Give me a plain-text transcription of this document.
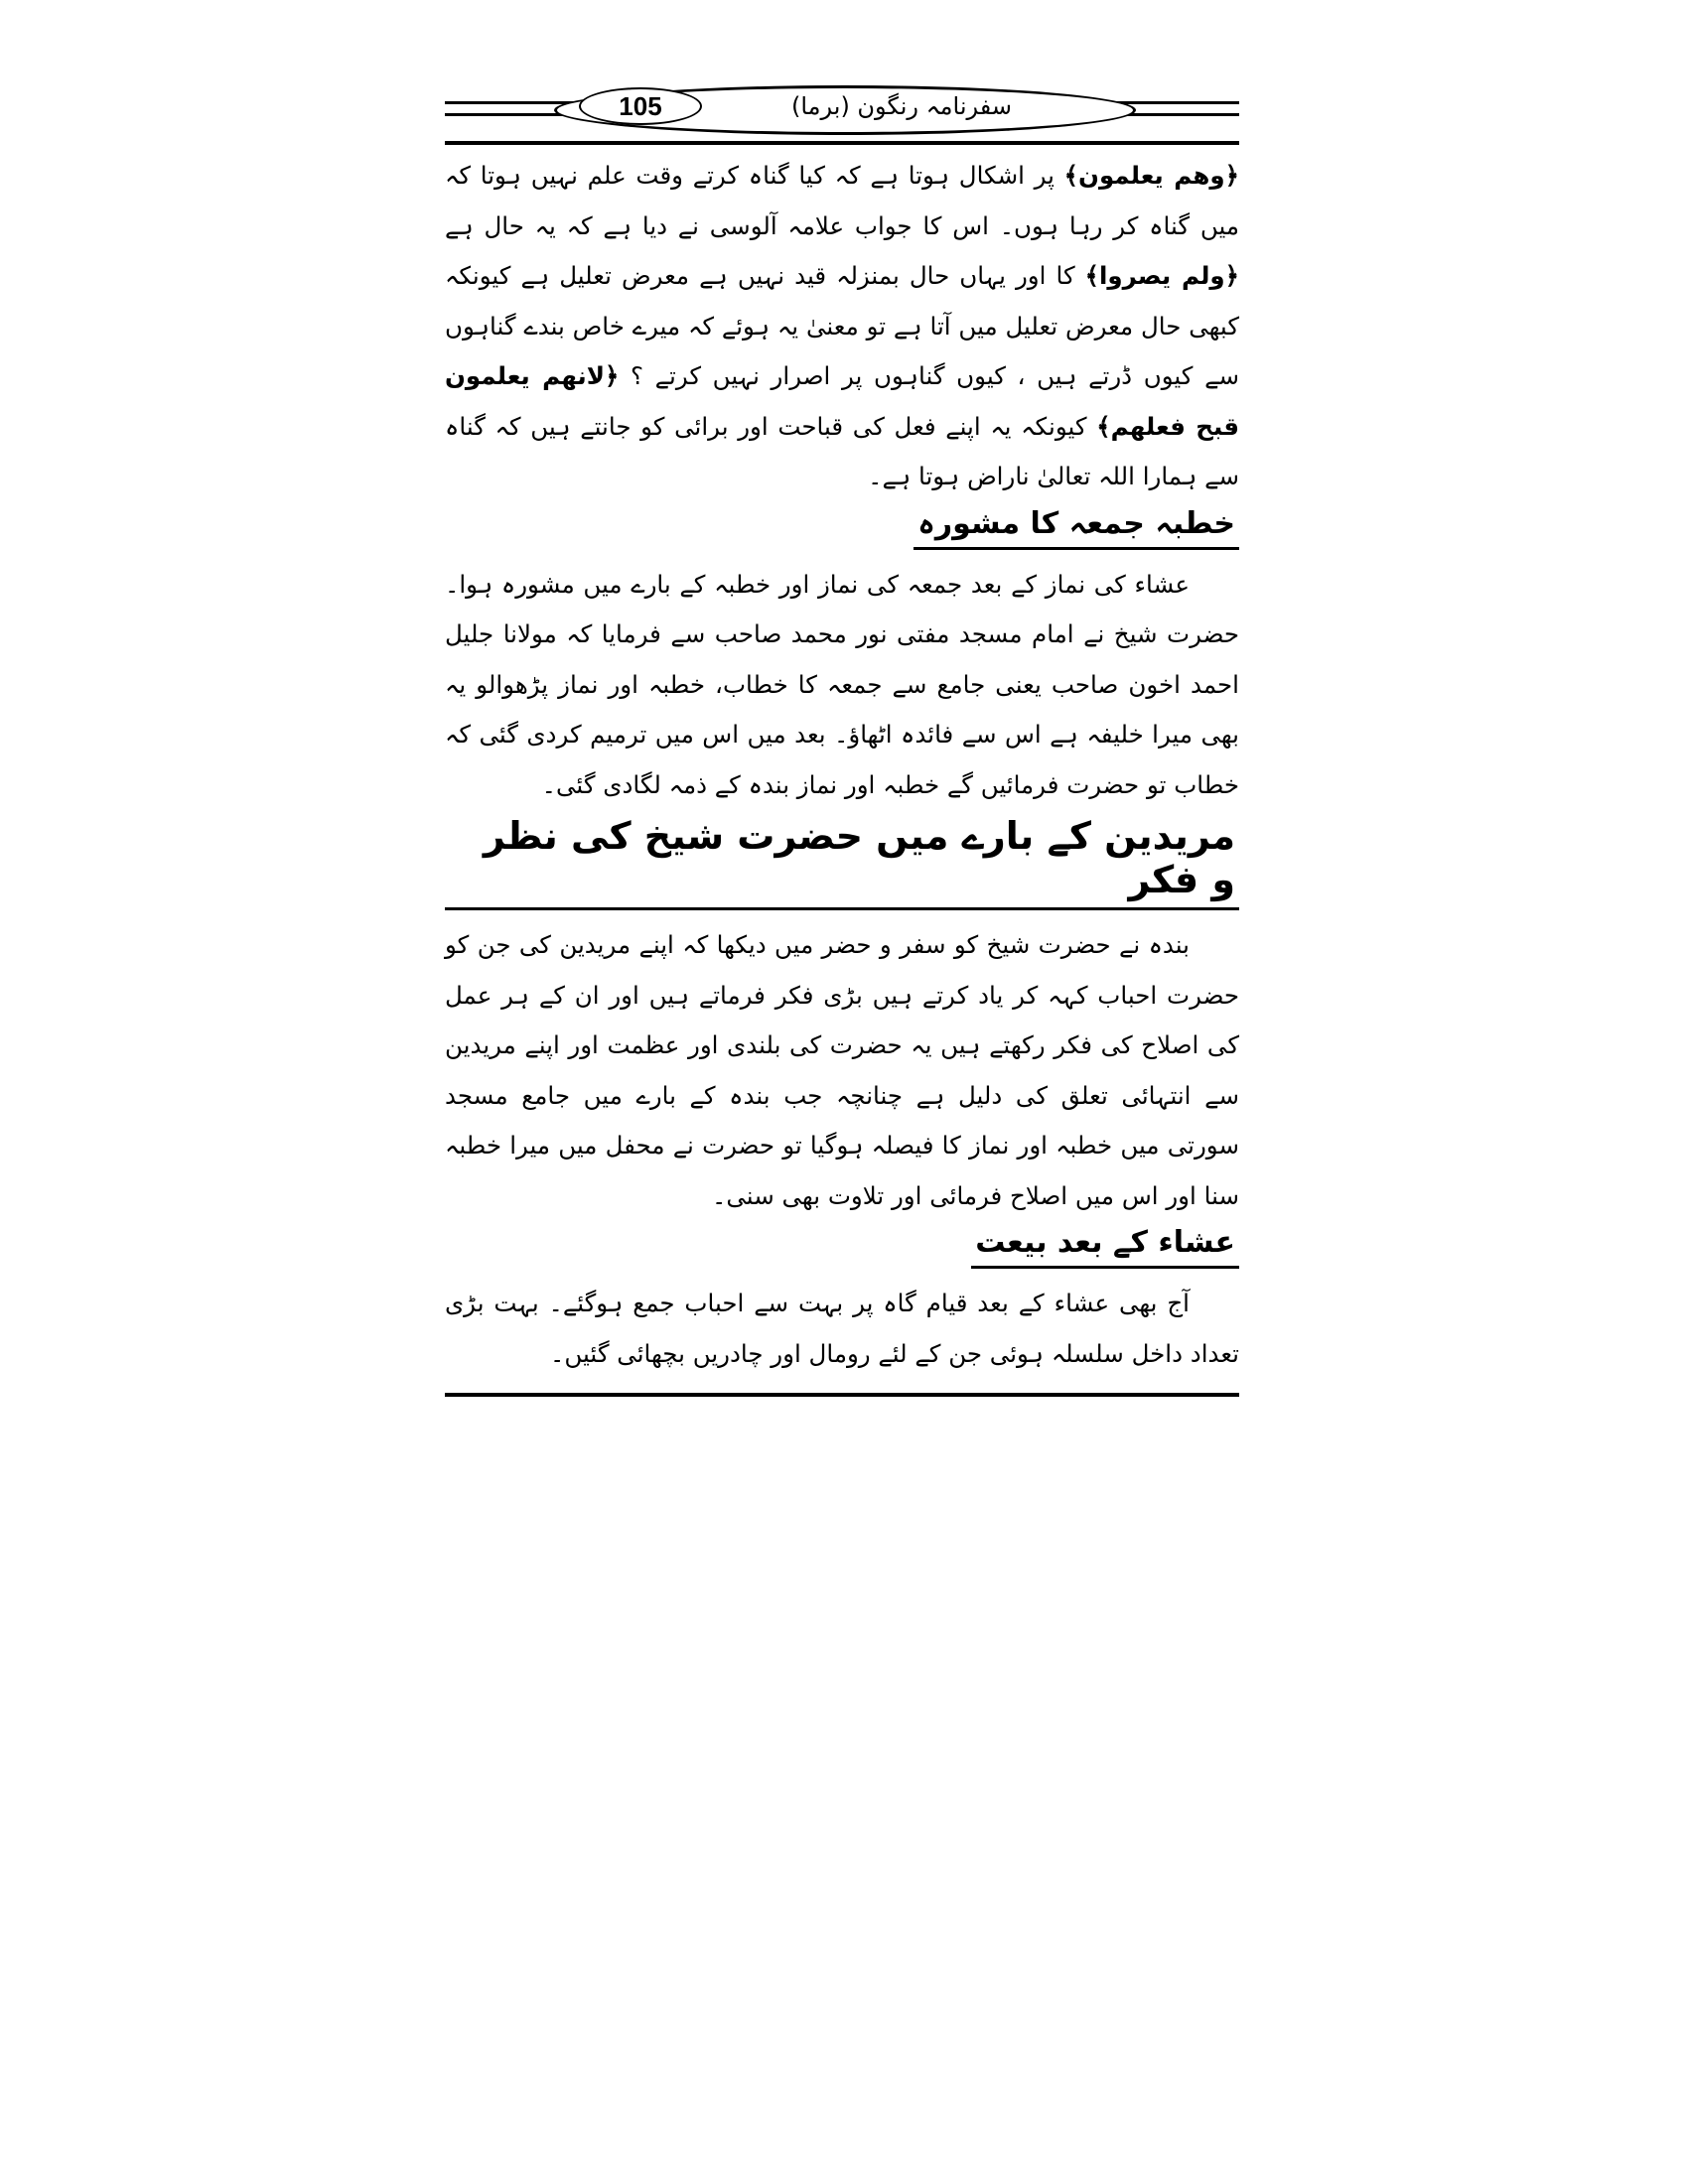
105	سفرنامہ رنگون (برما)

﴿وھم یعلمون﴾ پر اشکال ہوتا ہے کہ کیا گناہ کرتے وقت علم نہیں ہوتا کہ میں گناہ کر رہا ہوں۔ اس کا جواب علامہ آلوسی نے دیا ہے کہ یہ حال ہے ﴿ولم یصروا﴾ کا اور یہاں حال بمنزلہ قید نہیں ہے معرض تعلیل ہے کیونکہ کبھی حال معرض تعلیل میں آتا ہے تو معنیٰ یہ ہوئے کہ میرے خاص بندے گناہوں سے کیوں ڈرتے ہیں ، کیوں گناہوں پر اصرار نہیں کرتے ؟ ﴿لانھم یعلمون قبح فعلھم﴾ کیونکہ یہ اپنے فعل کی قباحت اور برائی کو جانتے ہیں کہ گناہ سے ہمارا اللہ تعالیٰ ناراض ہوتا ہے۔

خطبہ جمعہ کا مشورہ

عشاء کی نماز کے بعد جمعہ کی نماز اور خطبہ کے بارے میں مشورہ ہوا۔ حضرت شیخ نے امام مسجد مفتی نور محمد صاحب سے فرمایا کہ مولانا جلیل احمد اخون صاحب یعنی جامع سے جمعہ کا خطاب، خطبہ اور نماز پڑھوالو یہ بھی میرا خلیفہ ہے اس سے فائدہ اٹھاؤ۔ بعد میں اس میں ترمیم کردی گئی کہ خطاب تو حضرت فرمائیں گے خطبہ اور نماز بندہ کے ذمہ لگادی گئی۔

مریدین کے بارے میں حضرت شیخ کی نظر و فکر

بندہ نے حضرت شیخ کو سفر و حضر میں دیکھا کہ اپنے مریدین کی جن کو حضرت احباب کہہ کر یاد کرتے ہیں بڑی فکر فرماتے ہیں اور ان کے ہر عمل کی اصلاح کی فکر رکھتے ہیں یہ حضرت کی بلندی اور عظمت اور اپنے مریدین سے انتہائی تعلق کی دلیل ہے چنانچہ جب بندہ کے بارے میں جامع مسجد سورتی میں خطبہ اور نماز کا فیصلہ ہوگیا تو حضرت نے محفل میں میرا خطبہ سنا اور اس میں اصلاح فرمائی اور تلاوت بھی سنی۔

عشاء کے بعد بیعت

آج بھی عشاء کے بعد قیام گاہ پر بہت سے احباب جمع ہوگئے۔ بہت بڑی تعداد داخل سلسلہ ہوئی جن کے لئے رومال اور چادریں بچھائی گئیں۔
